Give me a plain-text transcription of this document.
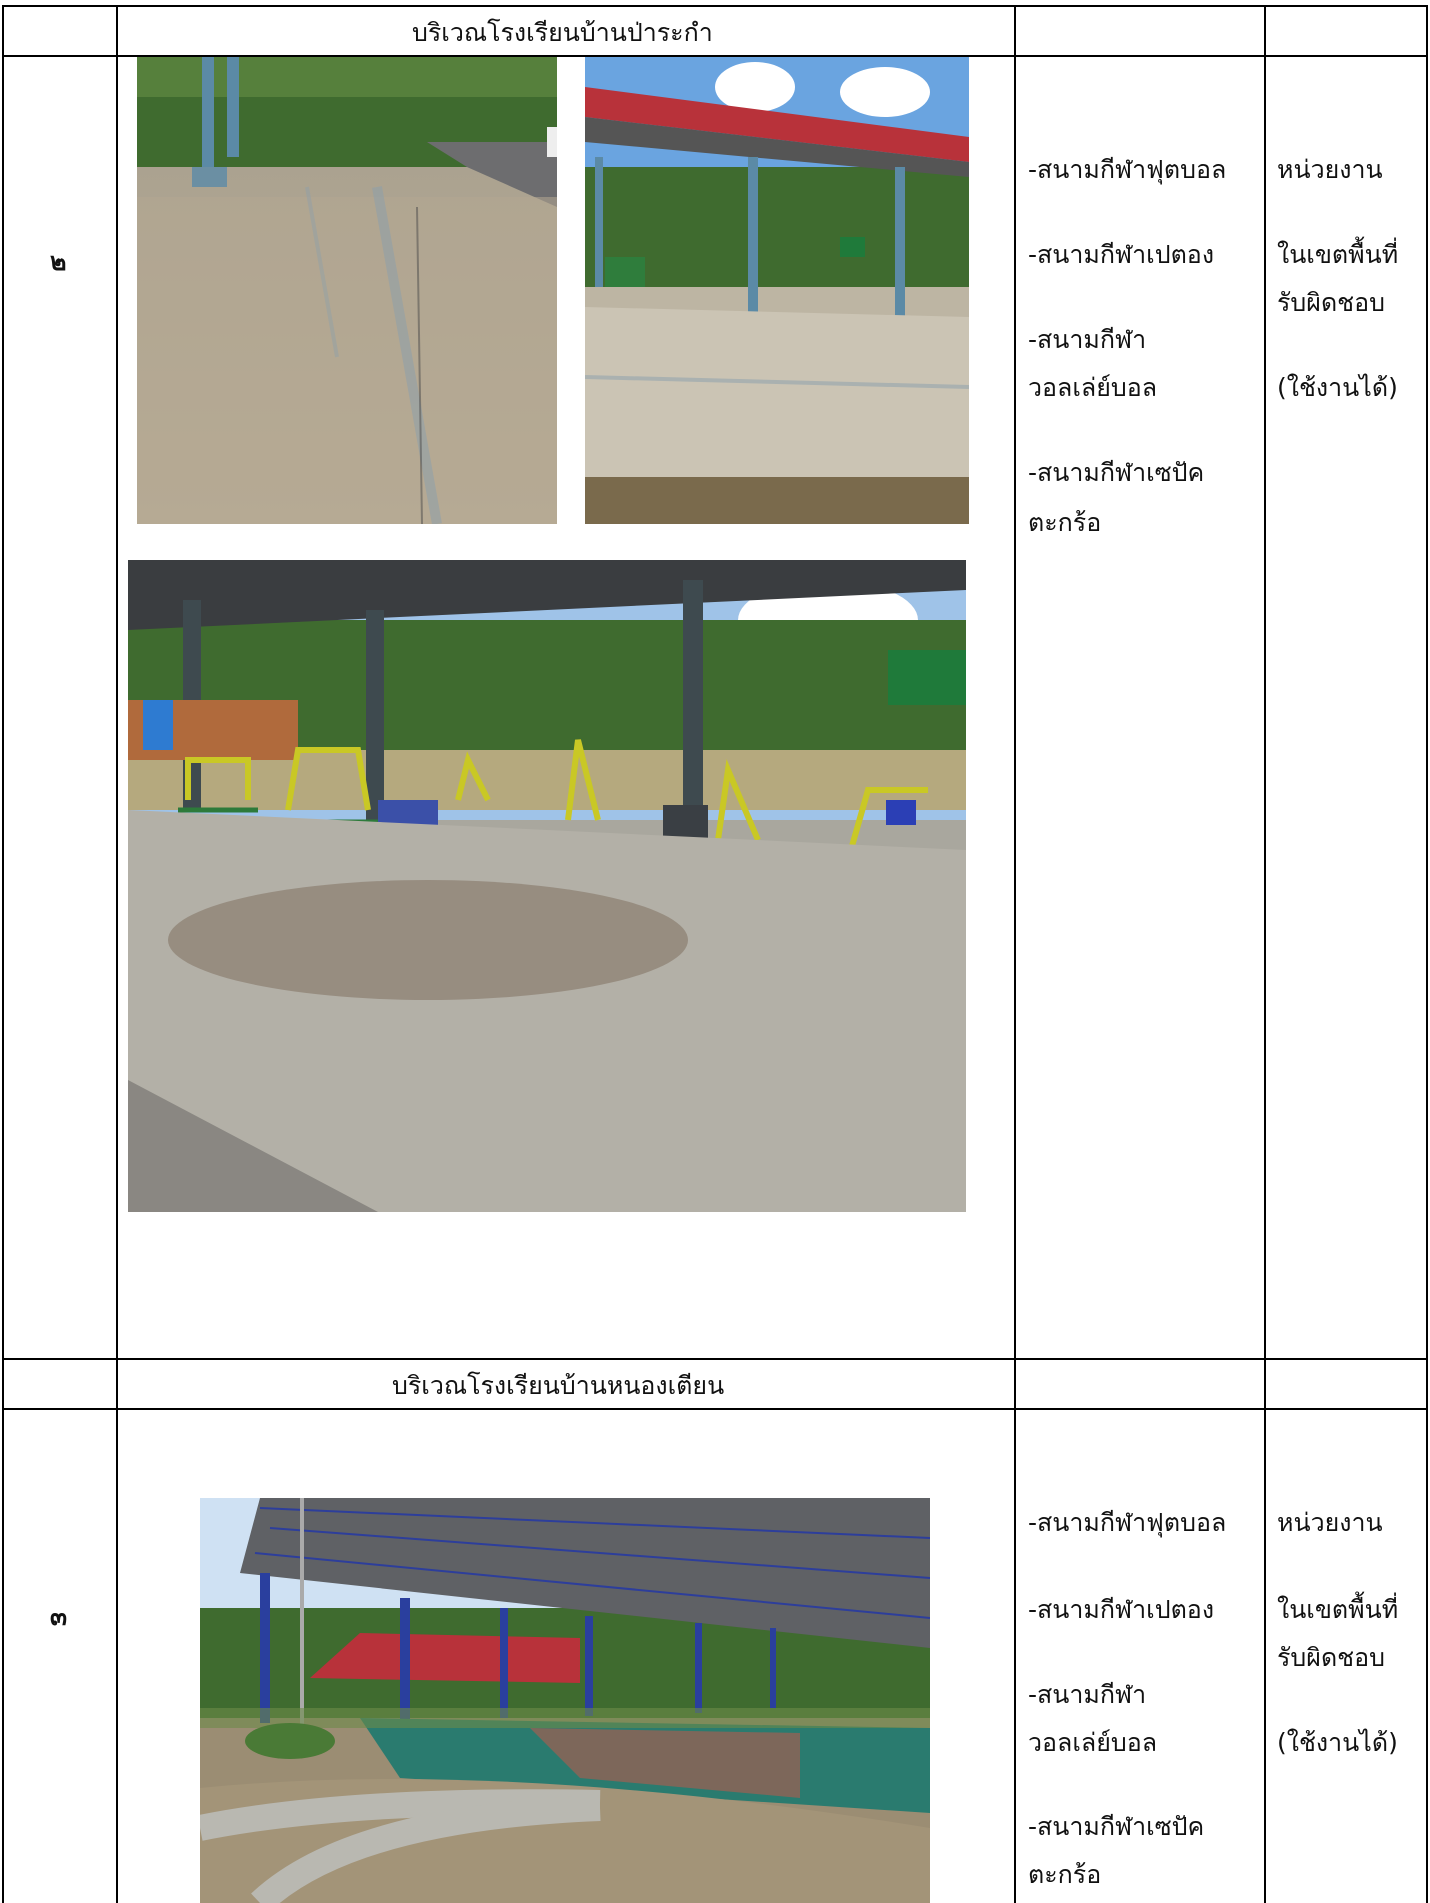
บริเวณโรงเรียนบ้านป่าระกำ
๒
-สนามกีฬาฟุตบอล
-สนามกีฬาเปตอง
-สนามกีฬา
วอลเล่ย์บอล
-สนามกีฬาเซปัค
ตะกร้อ
หน่วยงาน
ในเขตพื้นที่
รับผิดชอบ
(ใช้งานได้)
บริเวณโรงเรียนบ้านหนองเตียน
๓
-สนามกีฬาฟุตบอล
-สนามกีฬาเปตอง
-สนามกีฬา
วอลเล่ย์บอล
-สนามกีฬาเซปัค
ตะกร้อ
หน่วยงาน
ในเขตพื้นที่
รับผิดชอบ
(ใช้งานได้)
